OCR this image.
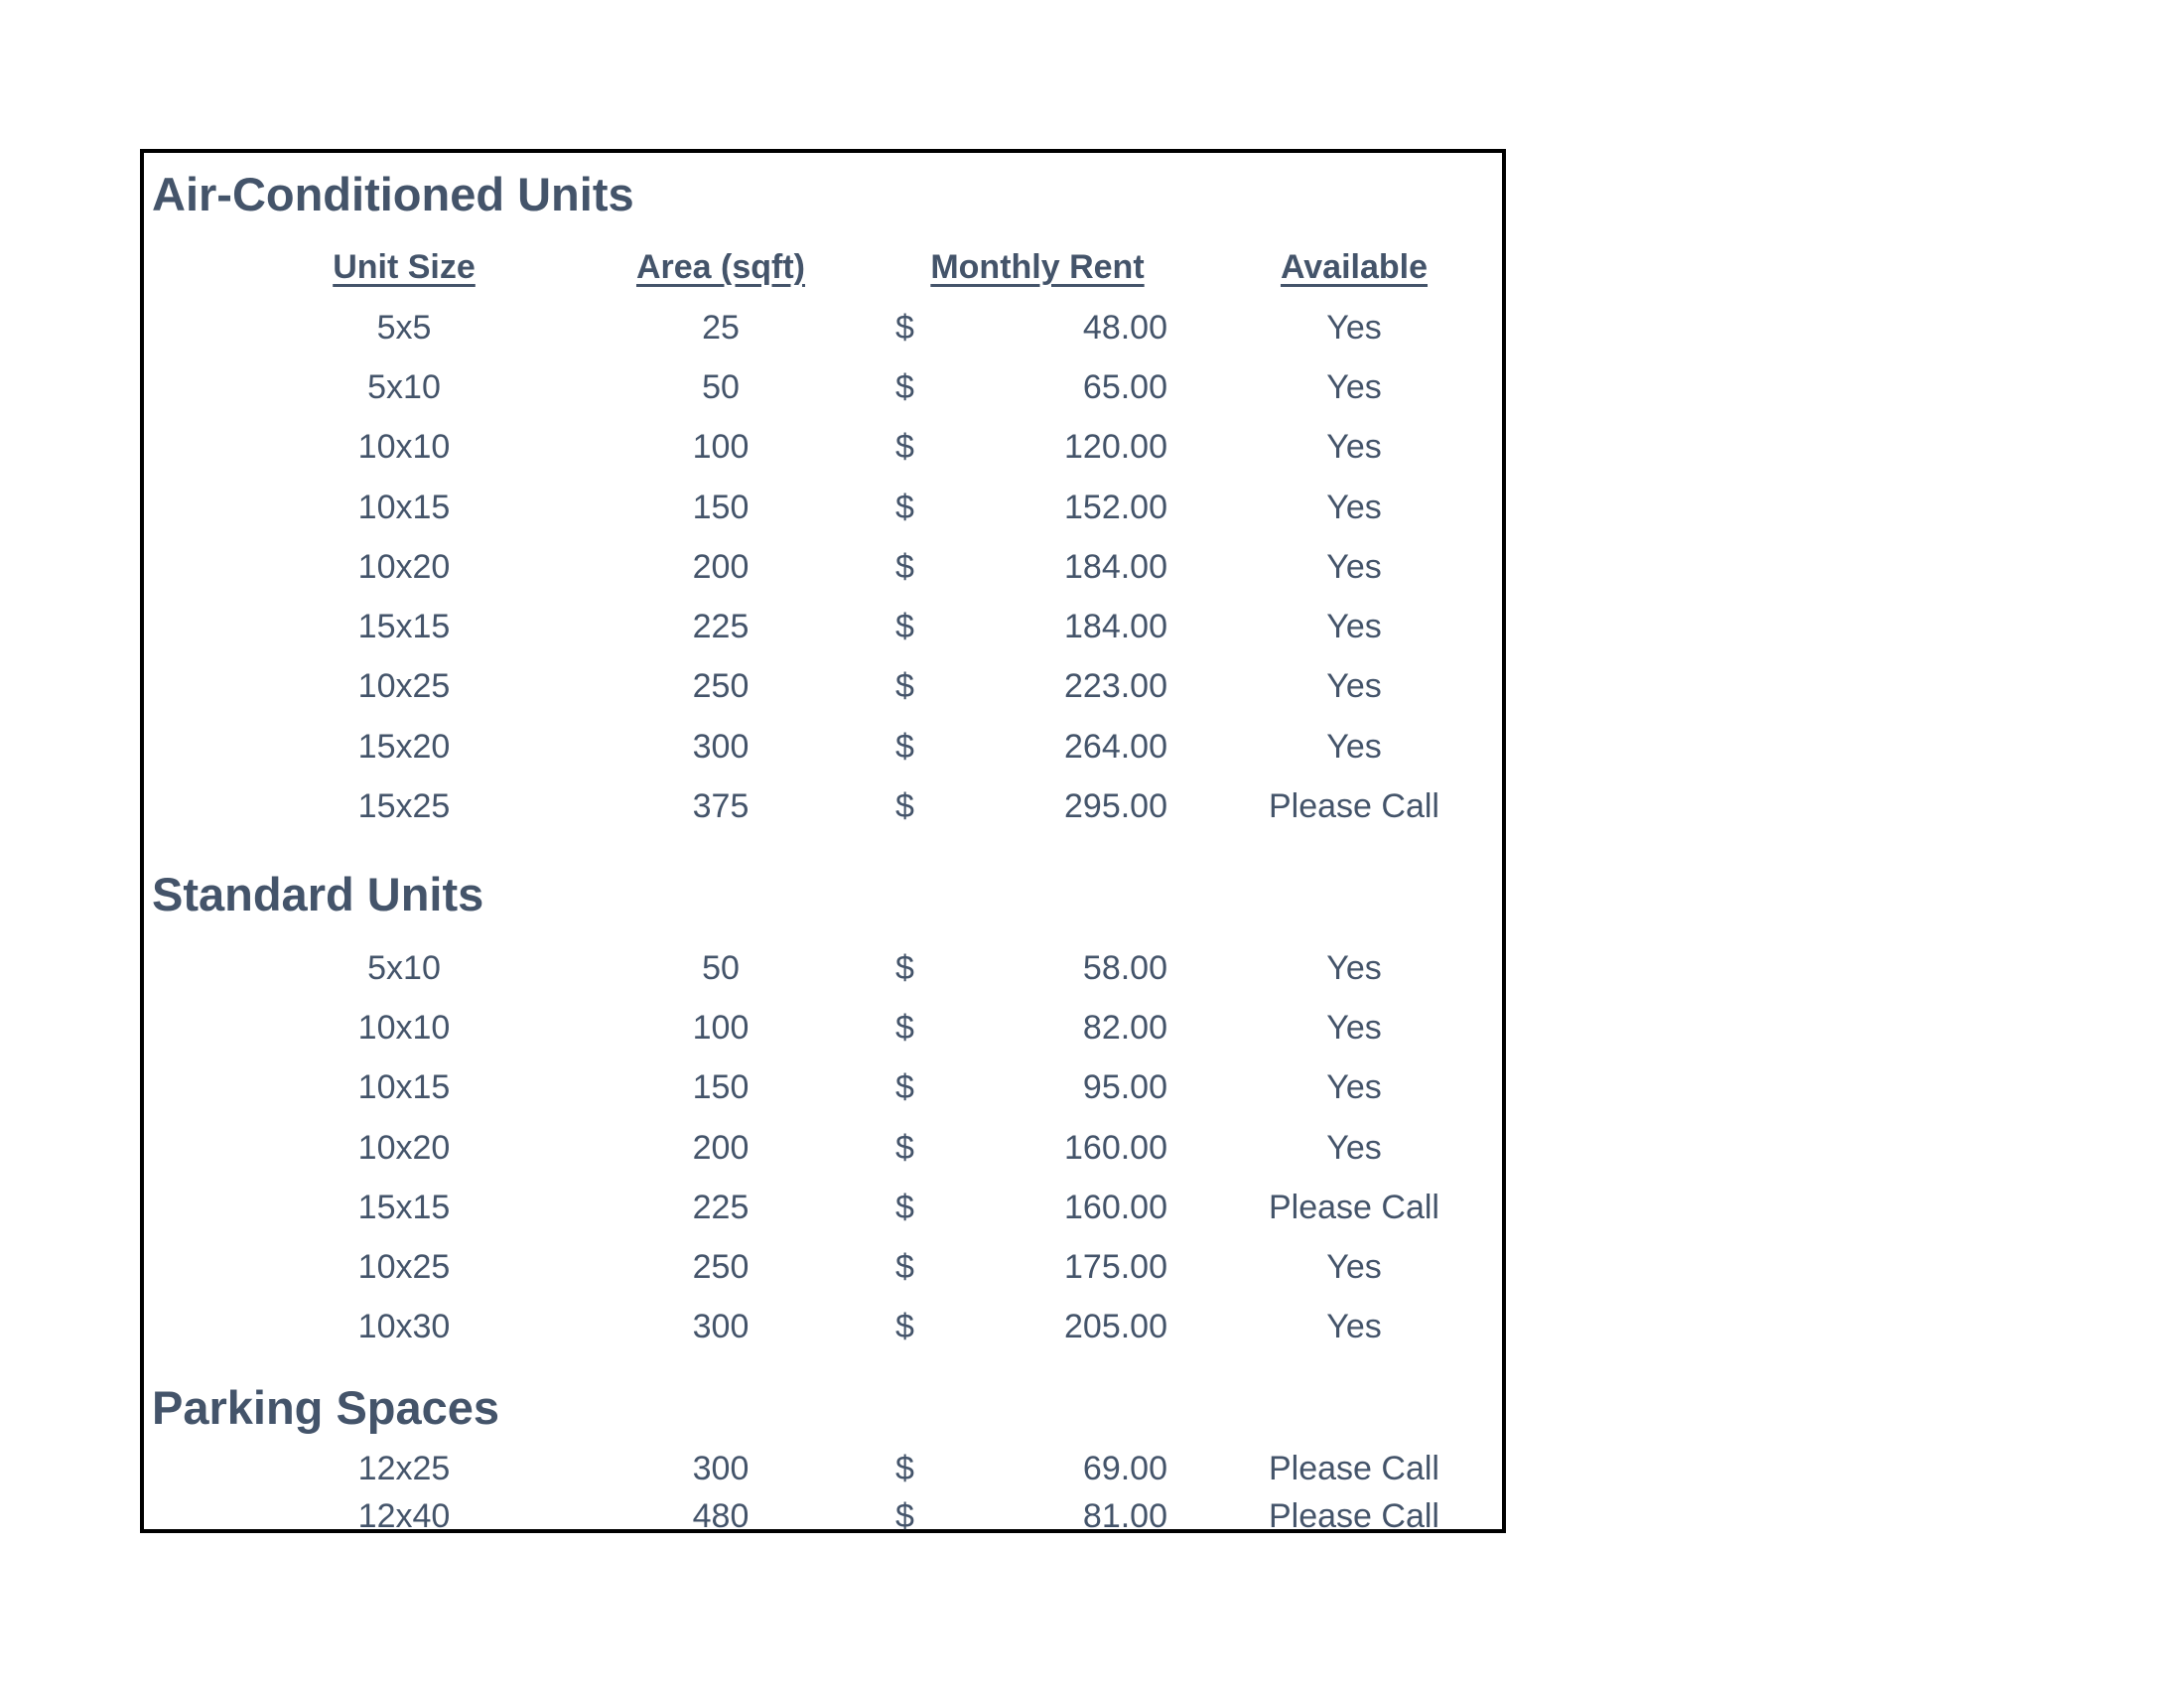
Air-Conditioned Units
Unit Size	Area (sqft)	Monthly Rent	Available
5x5	25	$	48.00	Yes
5x10	50	$	65.00	Yes
10x10	100	$	120.00	Yes
10x15	150	$	152.00	Yes
10x20	200	$	184.00	Yes
15x15	225	$	184.00	Yes
10x25	250	$	223.00	Yes
15x20	300	$	264.00	Yes
15x25	375	$	295.00	Please Call
Standard Units
5x10	50	$	58.00	Yes
10x10	100	$	82.00	Yes
10x15	150	$	95.00	Yes
10x20	200	$	160.00	Yes
15x15	225	$	160.00	Please Call
10x25	250	$	175.00	Yes
10x30	300	$	205.00	Yes
Parking Spaces
12x25	300	$	69.00	Please Call
12x40	480	$	81.00	Please Call
